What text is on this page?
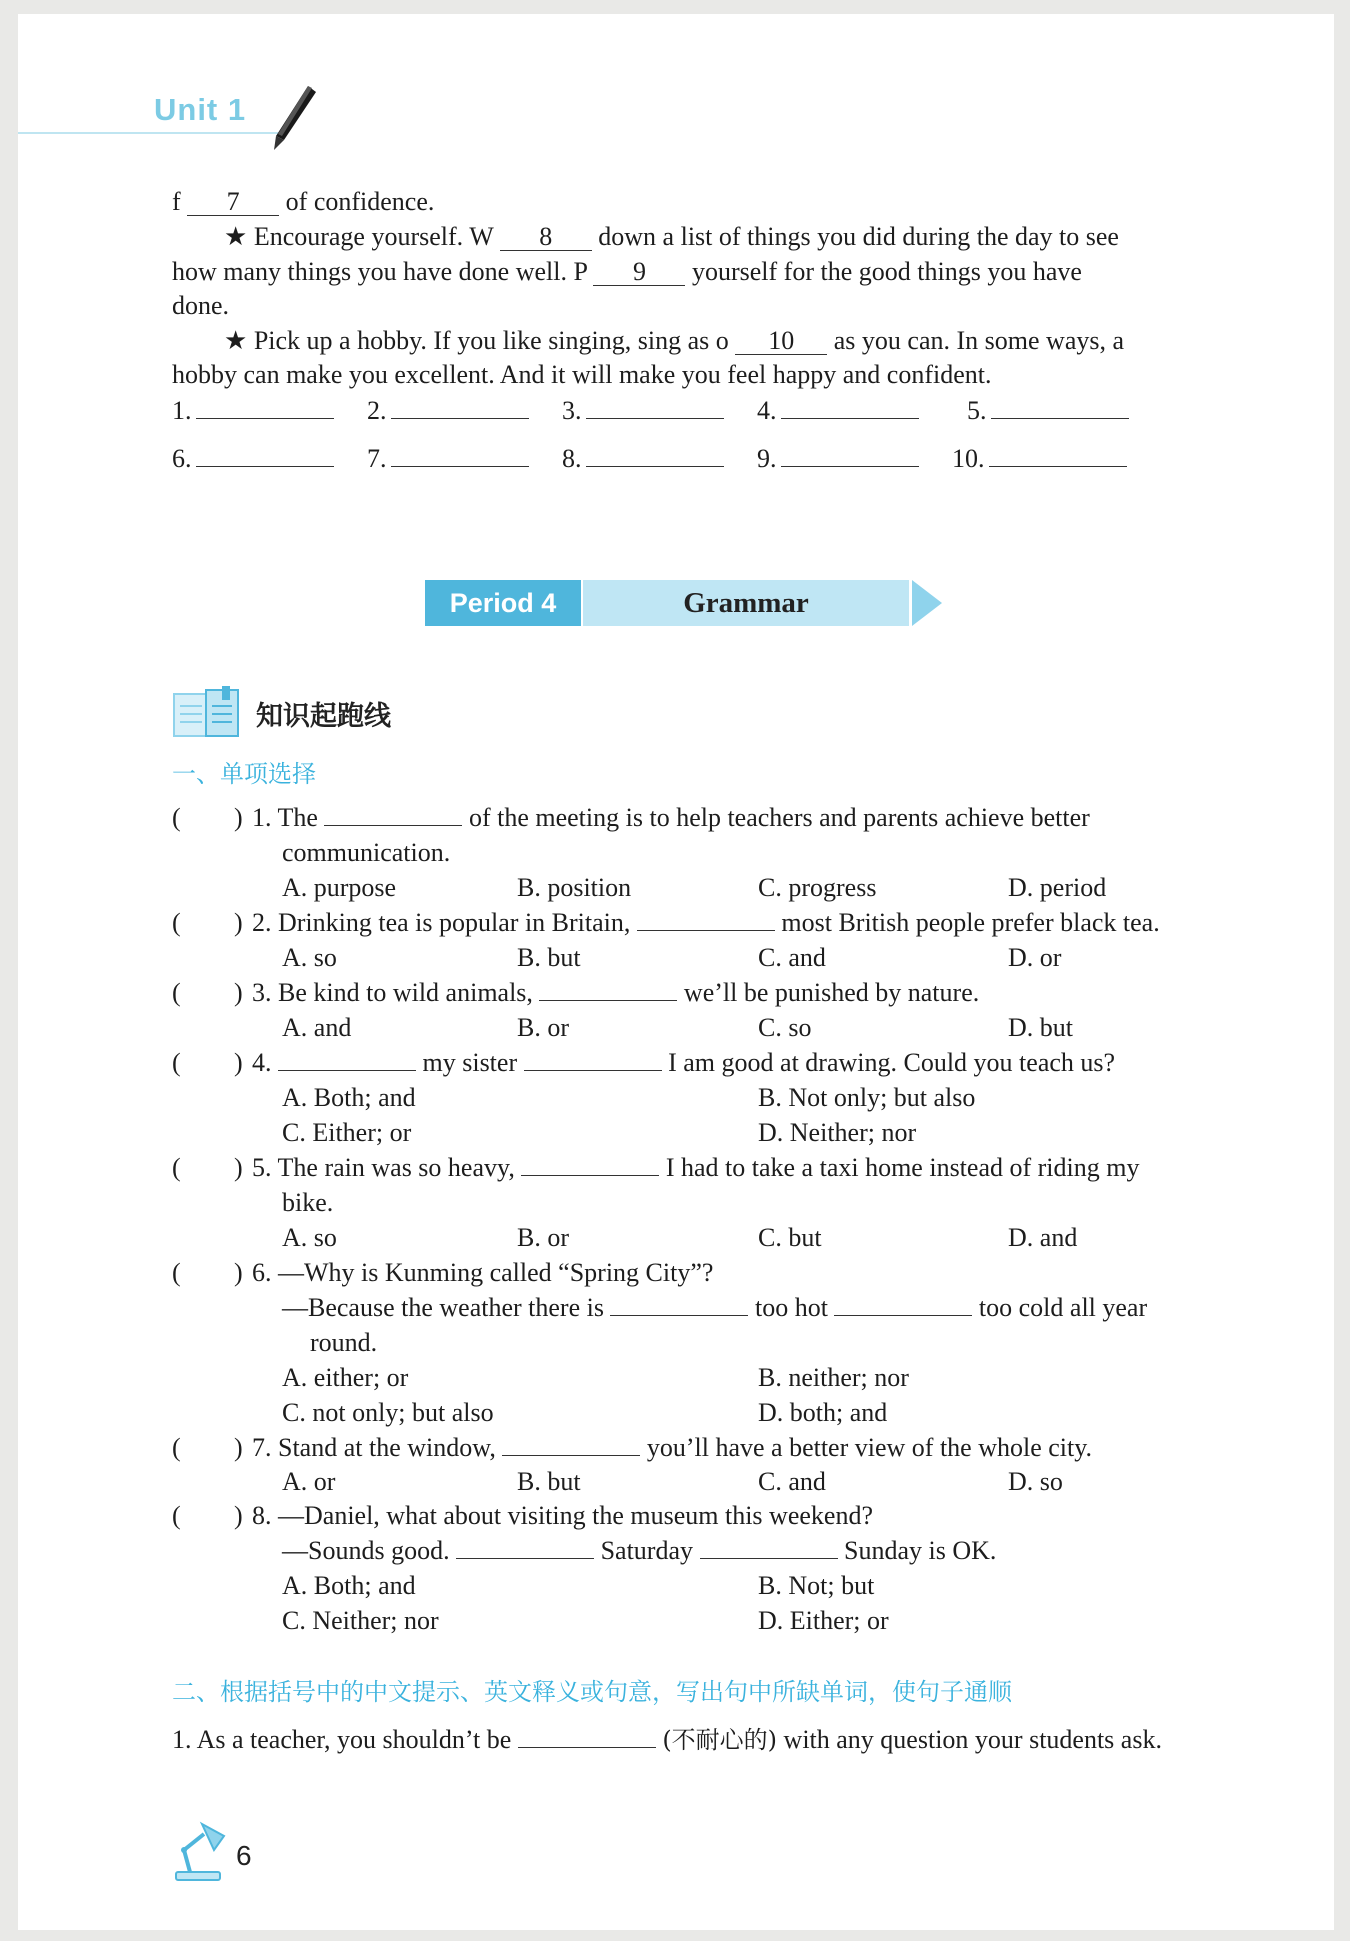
Unit 1
f 7 of confidence.
★ Encourage yourself. W 8 down a list of things you did during the day to see
how many things you have done well. P 9 yourself for the good things you have
done.
★ Pick up a hobby. If you like singing, sing as o 10 as you can. In some ways, a
hobby can make you excellent. And it will make you feel happy and confident.
1.	2.	3.	4.	5.
6.	7.	8.	9.	10.
Period 4	Grammar
知识起跑线
一、单项选择
( ) 1. The	of the meeting is to help teachers and parents achieve better
communication.
A. purpose	B. position	C. progress	D. period
( ) 2. Drinking tea is popular in Britain,	most British people prefer black tea.
A. so	B. but	C. and	D. or
( ) 3. Be kind to wild animals,	we’ll be punished by nature.
A. and	B. or	C. so	D. but
( ) 4.	my sister	I am good at drawing. Could you teach us?
A. Both; and	B. Not only; but also
C. Either; or	D. Neither; nor
( ) 5. The rain was so heavy,	I had to take a taxi home instead of riding my
bike.
A. so	B. or	C. but	D. and
( ) 6. —Why is Kunming called “Spring City”?
—Because the weather there is	too hot	too cold all year
round.
A. either; or	B. neither; nor
C. not only; but also	D. both; and
( ) 7. Stand at the window,	you’ll have a better view of the whole city.
A. or	B. but	C. and	D. so
( ) 8. —Daniel, what about visiting the museum this weekend?
—Sounds good.	Saturday	Sunday is OK.
A. Both; and	B. Not; but
C. Neither; nor	D. Either; or
二、根据括号中的中文提示、英文释义或句意，写出句中所缺单词，使句子通顺
1. As a teacher, you shouldn’t be	(不耐心的) with any question your students ask.
6
